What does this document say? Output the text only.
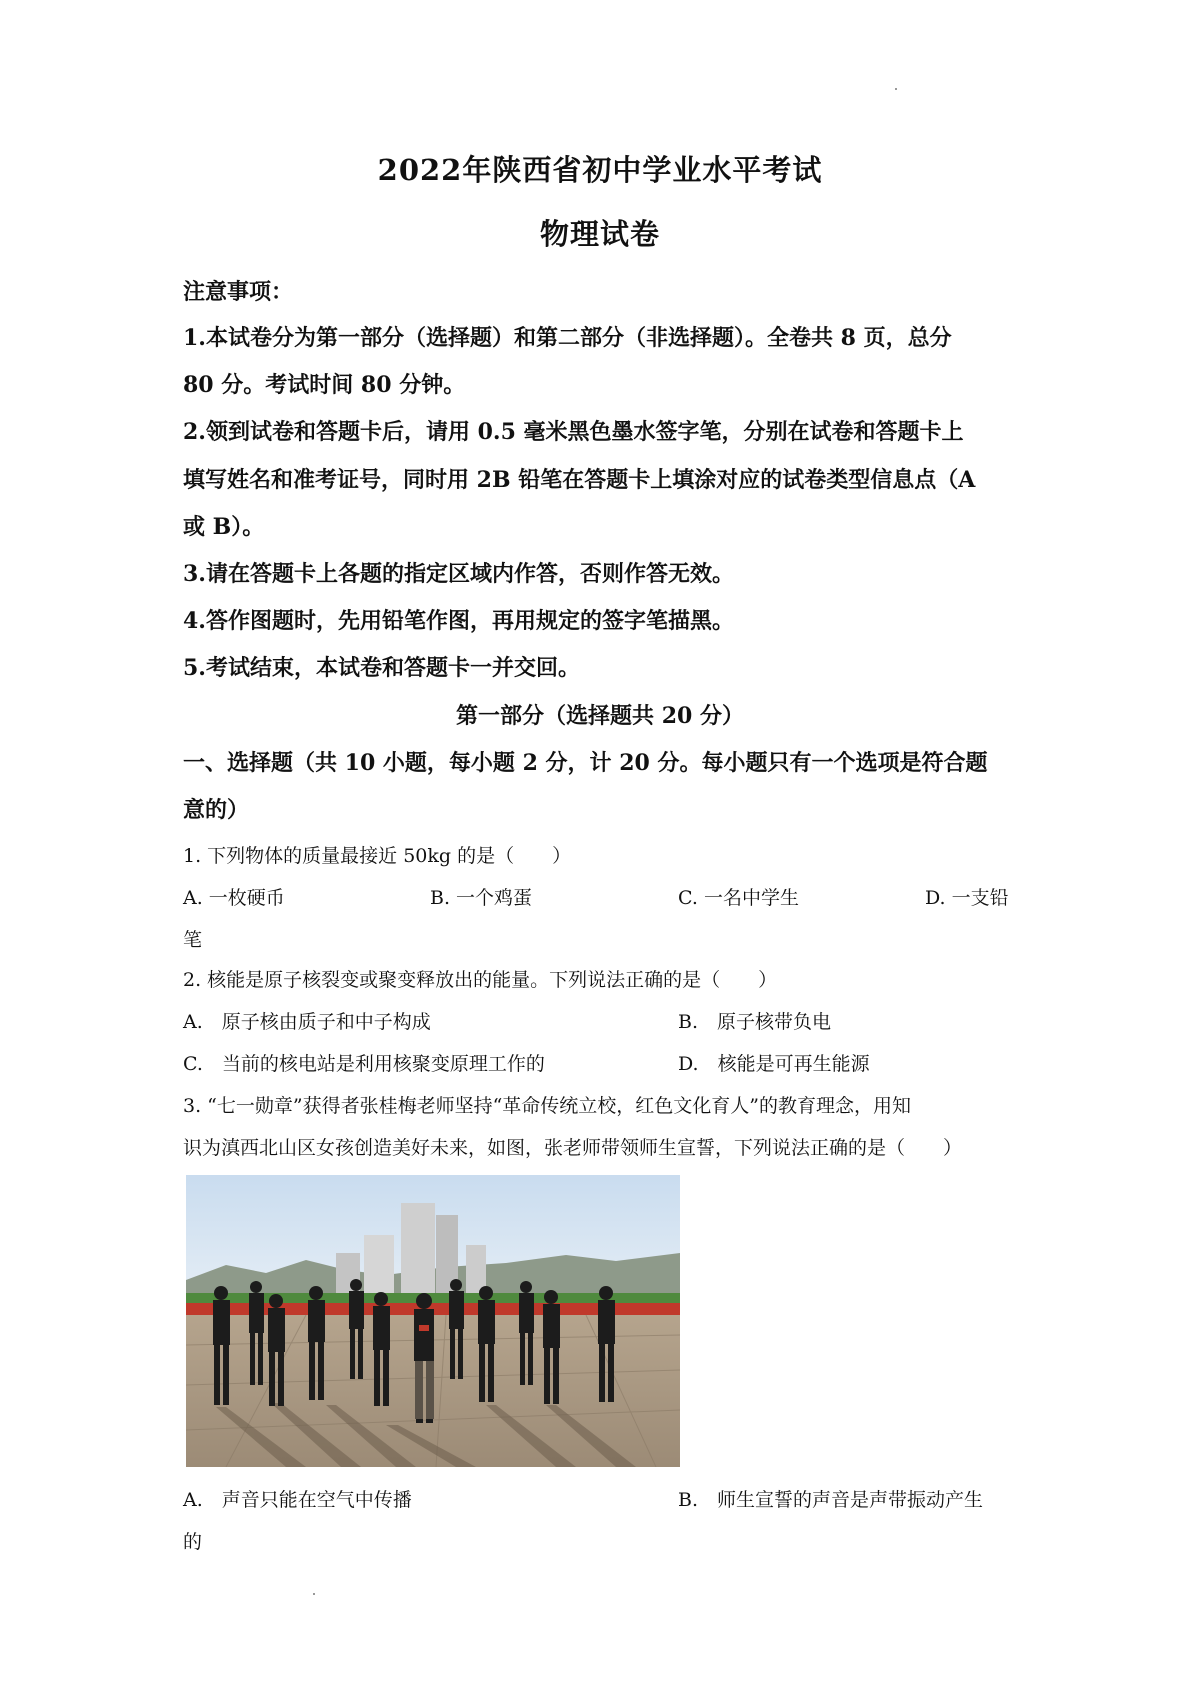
2022年陕西省初中学业水平考试
物理试卷
注意事项：
1.本试卷分为第一部分（选择题）和第二部分（非选择题）。全卷共 8 页，总分
80 分。考试时间 80 分钟。
2.领到试卷和答题卡后，请用 0.5 毫米黑色墨水签字笔，分别在试卷和答题卡上
填写姓名和准考证号，同时用 2B 铅笔在答题卡上填涂对应的试卷类型信息点（A
或 B）。
3.请在答题卡上各题的指定区域内作答，否则作答无效。
4.答作图题时，先用铅笔作图，再用规定的签字笔描黑。
5.考试结束，本试卷和答题卡一并交回。
第一部分（选择题共 20 分）
一、选择题（共 10 小题，每小题 2 分，计 20 分。每小题只有一个选项是符合题
意的）
1. 下列物体的质量最接近 50kg 的是（　　）
A. 一枚硬币	B. 一个鸡蛋	C. 一名中学生	D. 一支铅
笔
2. 核能是原子核裂变或聚变释放出的能量。下列说法正确的是（　　）
A.　原子核由质子和中子构成	B.　原子核带负电
C.　当前的核电站是利用核聚变原理工作的	D.　核能是可再生能源
3. “七一勋章”获得者张桂梅老师坚持“革命传统立校，红色文化育人”的教育理念，用知
识为滇西北山区女孩创造美好未来，如图，张老师带领师生宣誓，下列说法正确的是（　　）
A.　声音只能在空气中传播	B.　师生宣誓的声音是声带振动产生
的
